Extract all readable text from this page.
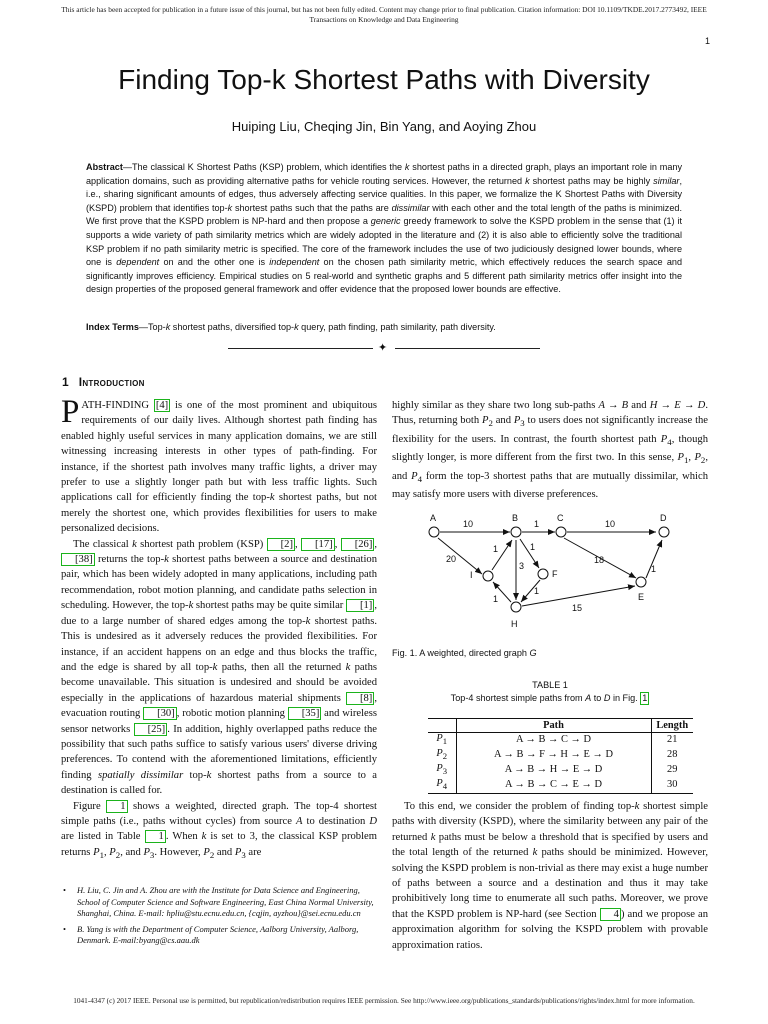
This article has been accepted for publication in a future issue of this journal, but has not been fully edited. Content may change prior to final publication. Citation information: DOI 10.1109/TKDE.2017.2773492, IEEE
Transactions on Knowledge and Data Engineering
1
Finding Top-k Shortest Paths with Diversity
Huiping Liu, Cheqing Jin, Bin Yang, and Aoying Zhou
Abstract—The classical K Shortest Paths (KSP) problem, which identifies the k shortest paths in a directed graph, plays an important role in many application domains, such as providing alternative paths for vehicle routing services. However, the returned k shortest paths may be highly similar, i.e., sharing significant amounts of edges, thus adversely affecting service qualities. In this paper, we formalize the K Shortest Paths with Diversity (KSPD) problem that identifies top-k shortest paths such that the paths are dissimilar with each other and the total length of the paths is minimized. We first prove that the KSPD problem is NP-hard and then propose a generic greedy framework to solve the KSPD problem in the sense that (1) it supports a wide variety of path similarity metrics which are widely adopted in the literature and (2) it is also able to efficiently solve the traditional KSP problem if no path similarity metric is specified. The core of the framework includes the use of two judiciously designed lower bounds, where one is dependent on and the other one is independent on the chosen path similarity metric, which effectively reduces the search space and significantly improves efficiency. Empirical studies on 5 real-world and synthetic graphs and 5 different path similarity metrics offer insight into the design properties of the proposed general framework and offer evidence that the proposed lower bounds are effective.
Index Terms—Top-k shortest paths, diversified top-k query, path finding, path similarity, path diversity.
✦
1 Introduction

PATH-FINDING [4] is one of the most prominent and ubiquitous requirements of our daily lives. Although shortest path finding has enabled highly useful services in many application domains, we are still witnessing increasing interests in other types of path-finding. For instance, if the shortest path involves many traffic lights, a driver may prefer to use a slightly longer path but with less traffic lights. Such applications call for efficiently finding the top-k shortest paths, but not merely the shortest one, which provides flexibilities for users to make personalized decisions.

The classical k shortest path problem (KSP) [2] , [17] , [26] , [38] returns the top-k shortest paths between a source and destination pair, which has been widely adopted in many applications, including path recommendation, robot motion planning, and candidate paths selection in scheduling. However, the top-k shortest paths may be quite similar [1] , due to a large number of shared edges among the top-k shortest paths. This is undesired as it adversely reduces the provided flexibilities. For instance, if an accident happens on an edge and thus blocks the traffic, and the edge is shared by all top-k paths, then all the returned k paths become unavailable. This situation is undesired and should be avoided especially in the applications of hazardous material shipments [8] , evacuation routing [30] , robotic motion planning [35] and wireless sensor networks [25] . In addition, highly overlapped paths reduce the possibility that such paths suffice to satisfy various users' diverse driving preferences. To contend with the aforementioned limitations, efficiently finding spatially dissimilar top-k shortest paths from a source to a destination is called for.

Figure 1 shows a weighted, directed graph. The top-4 shortest simple paths (i.e., paths without cycles) from source A to destination D are listed in Table 1 . When k is set to 3, the classical KSP problem returns $P_1$, $P_2$, and $P_3$. However, $P_2$ and $P_3$ are

• H. Liu, C. Jin and A. Zhou are with the Institute for Data Science and Engineering, School of Computer Science and Software Engineering, East China Normal University, Shanghai, China. E-mail: hpliu@stu.ecnu.edu.cn, {cqjin, ayzhou}@sei.ecnu.edu.cn
• B. Yang is with the Department of Computer Science, Aalborg University, Aalborg, Denmark. E-mail:byang@cs.aau.dk

highly similar as they share two long sub-paths A → B and H → E → D. Thus, returning both $P_2$ and $P_3$ to users does not significantly increase the flexibility for the users. In contrast, the fourth shortest path $P_4$, though slightly longer, is more different from the first two. In this sense, $P_1$, $P_2$, and $P_4$ form the top-3 shortest paths that are mutually dissimilar, which may satisfy more users with diverse preferences.

A	B	C	D
I	F
E
H
10	1	10
20
1	1
3
18
1
1
1
15
Fig. 1. A weighted, directed graph G
TABLE 1
Top-4 shortest simple paths from A to D in Fig. 1
	Path	Length
$P_1$	A → B → C → D	21
$P_2$	A → B → F → H → E → D	28
$P_3$	A → B → H → E → D	29
$P_4$	A → B → C → E → D	30

To this end, we consider the problem of finding top-k shortest simple paths with diversity (KSPD), where the similarity between any pair of the returned k paths must be below a threshold that is specified by users and the total length of the returned k paths should be minimized. However, solving the KSPD problem is non-trivial as there may exist a huge number of paths between a source and a destination and thus it may take prohibitively long time to enumerate all such paths. Moreover, we prove that the KSPD problem is NP-hard (see Section 4 ) and we propose an approximation algorithm for solving the KSPD problem with provable approximation ratios.

1041-4347 (c) 2017 IEEE. Personal use is permitted, but republication/redistribution requires IEEE permission. See http://www.ieee.org/publications_standards/publications/rights/index.html for more information.
